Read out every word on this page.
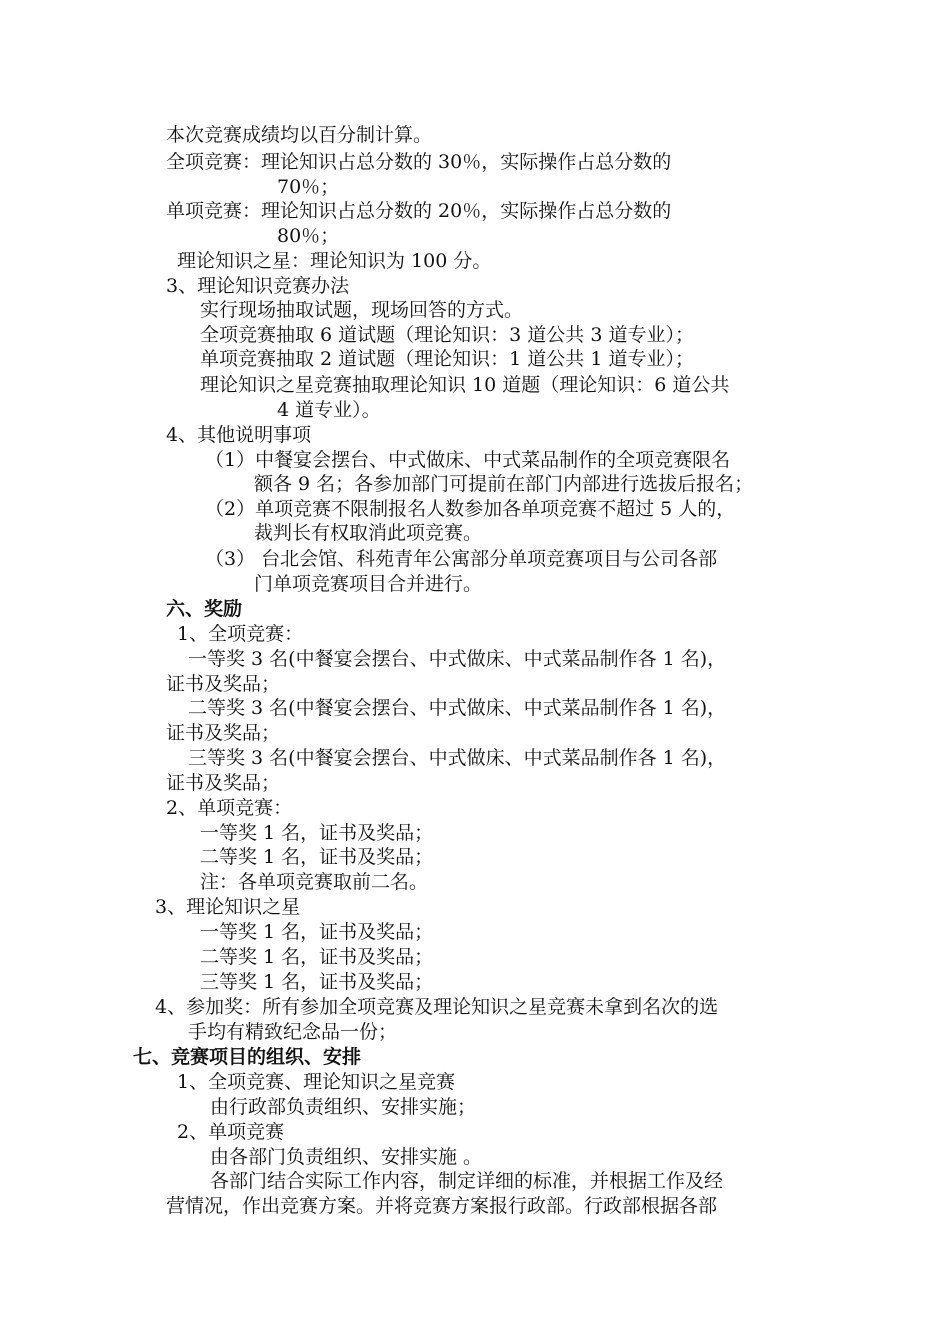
本次竞赛成绩均以百分制计算。
全项竞赛：理论知识占总分数的 30％，实际操作占总分数的
70％；
单项竞赛：理论知识占总分数的 20％，实际操作占总分数的
80％；
理论知识之星：理论知识为 100 分。
3、理论知识竞赛办法
实行现场抽取试题，现场回答的方式。
全项竞赛抽取 6 道试题（理论知识：3 道公共 3 道专业）；
单项竞赛抽取 2 道试题（理论知识：1 道公共 1 道专业）；
理论知识之星竞赛抽取理论知识 10 道题（理论知识：6 道公共
4 道专业）。
4、其他说明事项
（1）中餐宴会摆台、中式做床、中式菜品制作的全项竞赛限名
额各 9 名；各参加部门可提前在部门内部进行选拔后报名；
（2）单项竞赛不限制报名人数参加各单项竞赛不超过 5 人的，
裁判长有权取消此项竞赛。
（3） 台北会馆、科苑青年公寓部分单项竞赛项目与公司各部
门单项竞赛项目合并进行。
六、奖励
1、全项竞赛：
一等奖 3 名(中餐宴会摆台、中式做床、中式菜品制作各 1 名)，
证书及奖品；
二等奖 3 名(中餐宴会摆台、中式做床、中式菜品制作各 1 名)，
证书及奖品；
三等奖 3 名(中餐宴会摆台、中式做床、中式菜品制作各 1 名)，
证书及奖品；
2、单项竞赛：
一等奖 1 名，证书及奖品；
二等奖 1 名，证书及奖品；
注：各单项竞赛取前二名。
3、理论知识之星
一等奖 1 名，证书及奖品；
二等奖 1 名，证书及奖品；
三等奖 1 名，证书及奖品；
4、参加奖：所有参加全项竞赛及理论知识之星竞赛未拿到名次的选
手均有精致纪念品一份；
七、竞赛项目的组织、安排
1、全项竞赛、理论知识之星竞赛
由行政部负责组织、安排实施；
2、单项竞赛
由各部门负责组织、安排实施 。
各部门结合实际工作内容，制定详细的标准，并根据工作及经
营情况，作出竞赛方案。并将竞赛方案报行政部。行政部根据各部
